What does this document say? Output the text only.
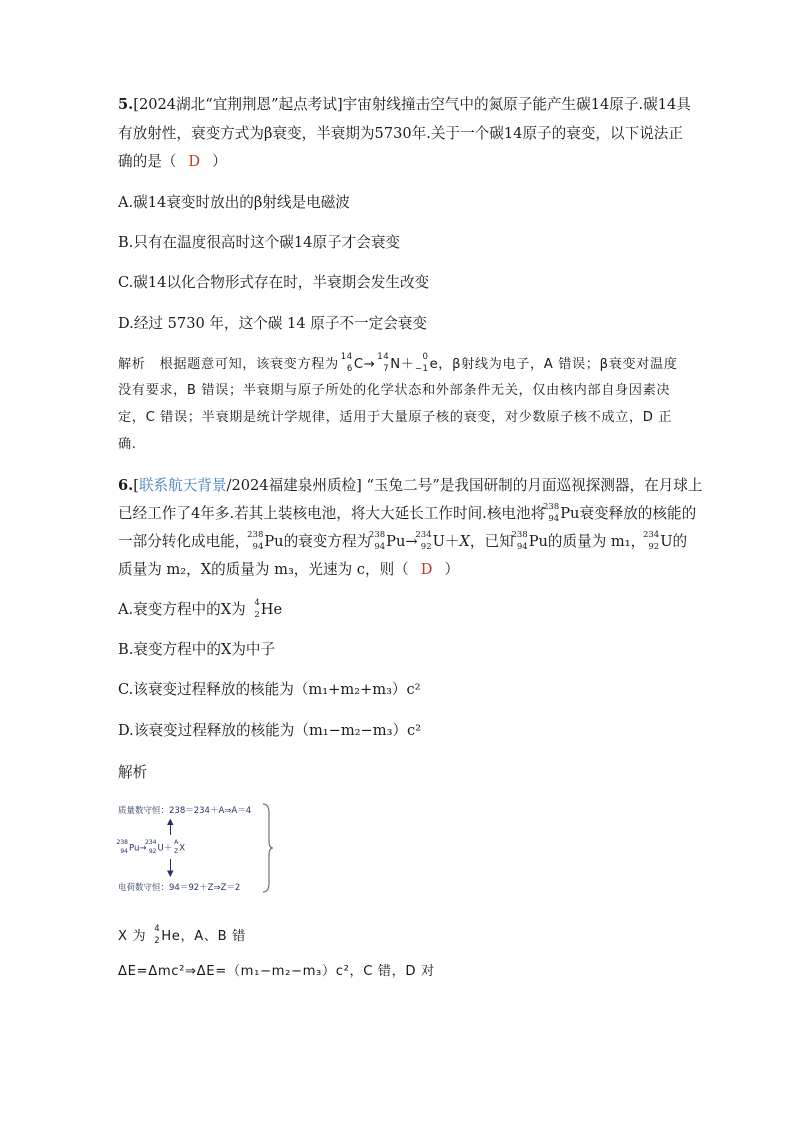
5.[2024湖北“宜荆荆恩”起点考试]宇宙射线撞击空气中的氮原子能产生碳14原子.碳14具
有放射性，衰变方式为β衰变，半衰期为5730年.关于一个碳14原子的衰变，以下说法正
确的是（ D ）
A.碳14衰变时放出的β射线是电磁波
B.只有在温度很高时这个碳14原子才会衰变
C.碳14以化合物形式存在时，半衰期会发生改变
D.经过 5730 年，这个碳 14 原子不一定会衰变
解析 根据题意可知，该衰变方程为 14
6 C→ 14
7 N＋ 0
−1 e，β射线为电子，A 错误；β衰变对温度
没有要求，B 错误；半衰期与原子所处的化学状态和外部条件无关，仅由核内部自身因素决
定，C 错误；半衰期是统计学规律，适用于大量原子核的衰变，对少数原子核不成立，D 正
确.
6.[联系航天背景/2024福建泉州质检] “玉兔二号”是我国研制的月面巡视探测器，在月球上
已经工作了4年多.若其上装核电池，将大大延长工作时间.核电池将
238
94 Pu衰变释放的核能的
一部分转化成电能，
238
94 Pu的衰变方程为
238
94 Pu→
234
92 U＋X，已知
238
94 Pu的质量为 m₁，
234
92 U的
质量为 m₂，X的质量为 m₃，光速为 c，则（ D ）
A.衰变方程中的X为 4
2 He
B.衰变方程中的X为中子
C.该衰变过程释放的核能为（m₁+m₂+m₃）c²
D.该衰变过程释放的核能为（m₁−m₂−m₃）c²
解析
X 为 4
2 He，A、B 错
ΔE=Δmc²⇒ΔE=（m₁−m₂−m₃）c²，C 错，D 对
质量数守恒：238＝234＋A⇒A＝4
▲
238
94 Pu→
234
92 U＋
A
Z X
▼
电荷数守恒：94＝92＋Z⇒Z＝2
